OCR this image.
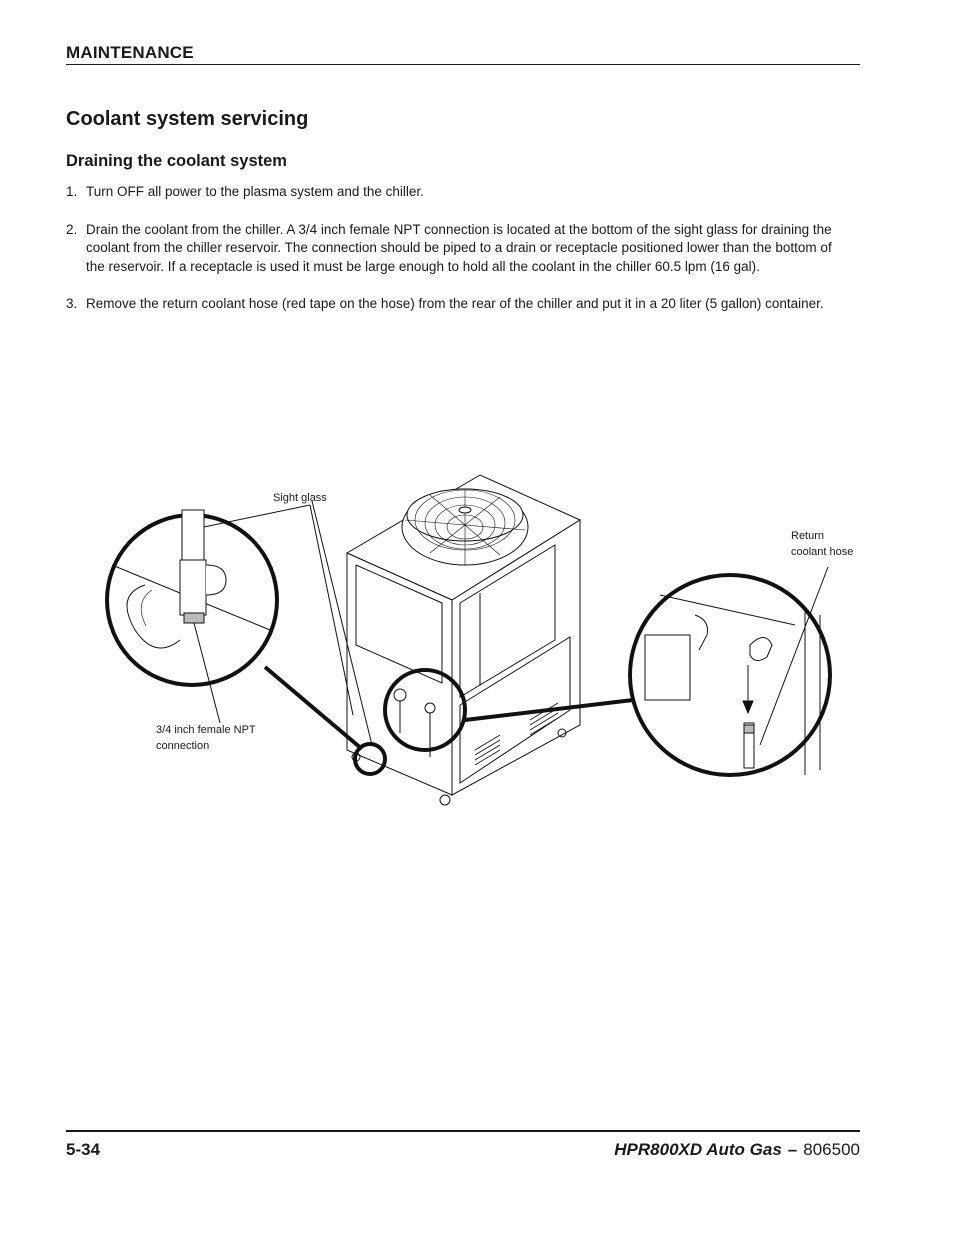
MAINTENANCE
Coolant system servicing
Draining the coolant system
1. Turn OFF all power to the plasma system and the chiller.
2. Drain the coolant from the chiller. A 3/4 inch female NPT connection is located at the bottom of the sight glass for draining the coolant from the chiller reservoir. The connection should be piped to a drain or receptacle positioned lower than the bottom of the reservoir. If a receptacle is used it must be large enough to hold all the coolant in the chiller 60.5 lpm (16 gal).
3. Remove the return coolant hose (red tape on the hose) from the rear of the chiller and put it in a 20 liter (5 gallon) container.
Sight glass
3/4 inch female NPT
connection
Return
coolant hose
5-34	HPR800XD Auto Gas – 806500
